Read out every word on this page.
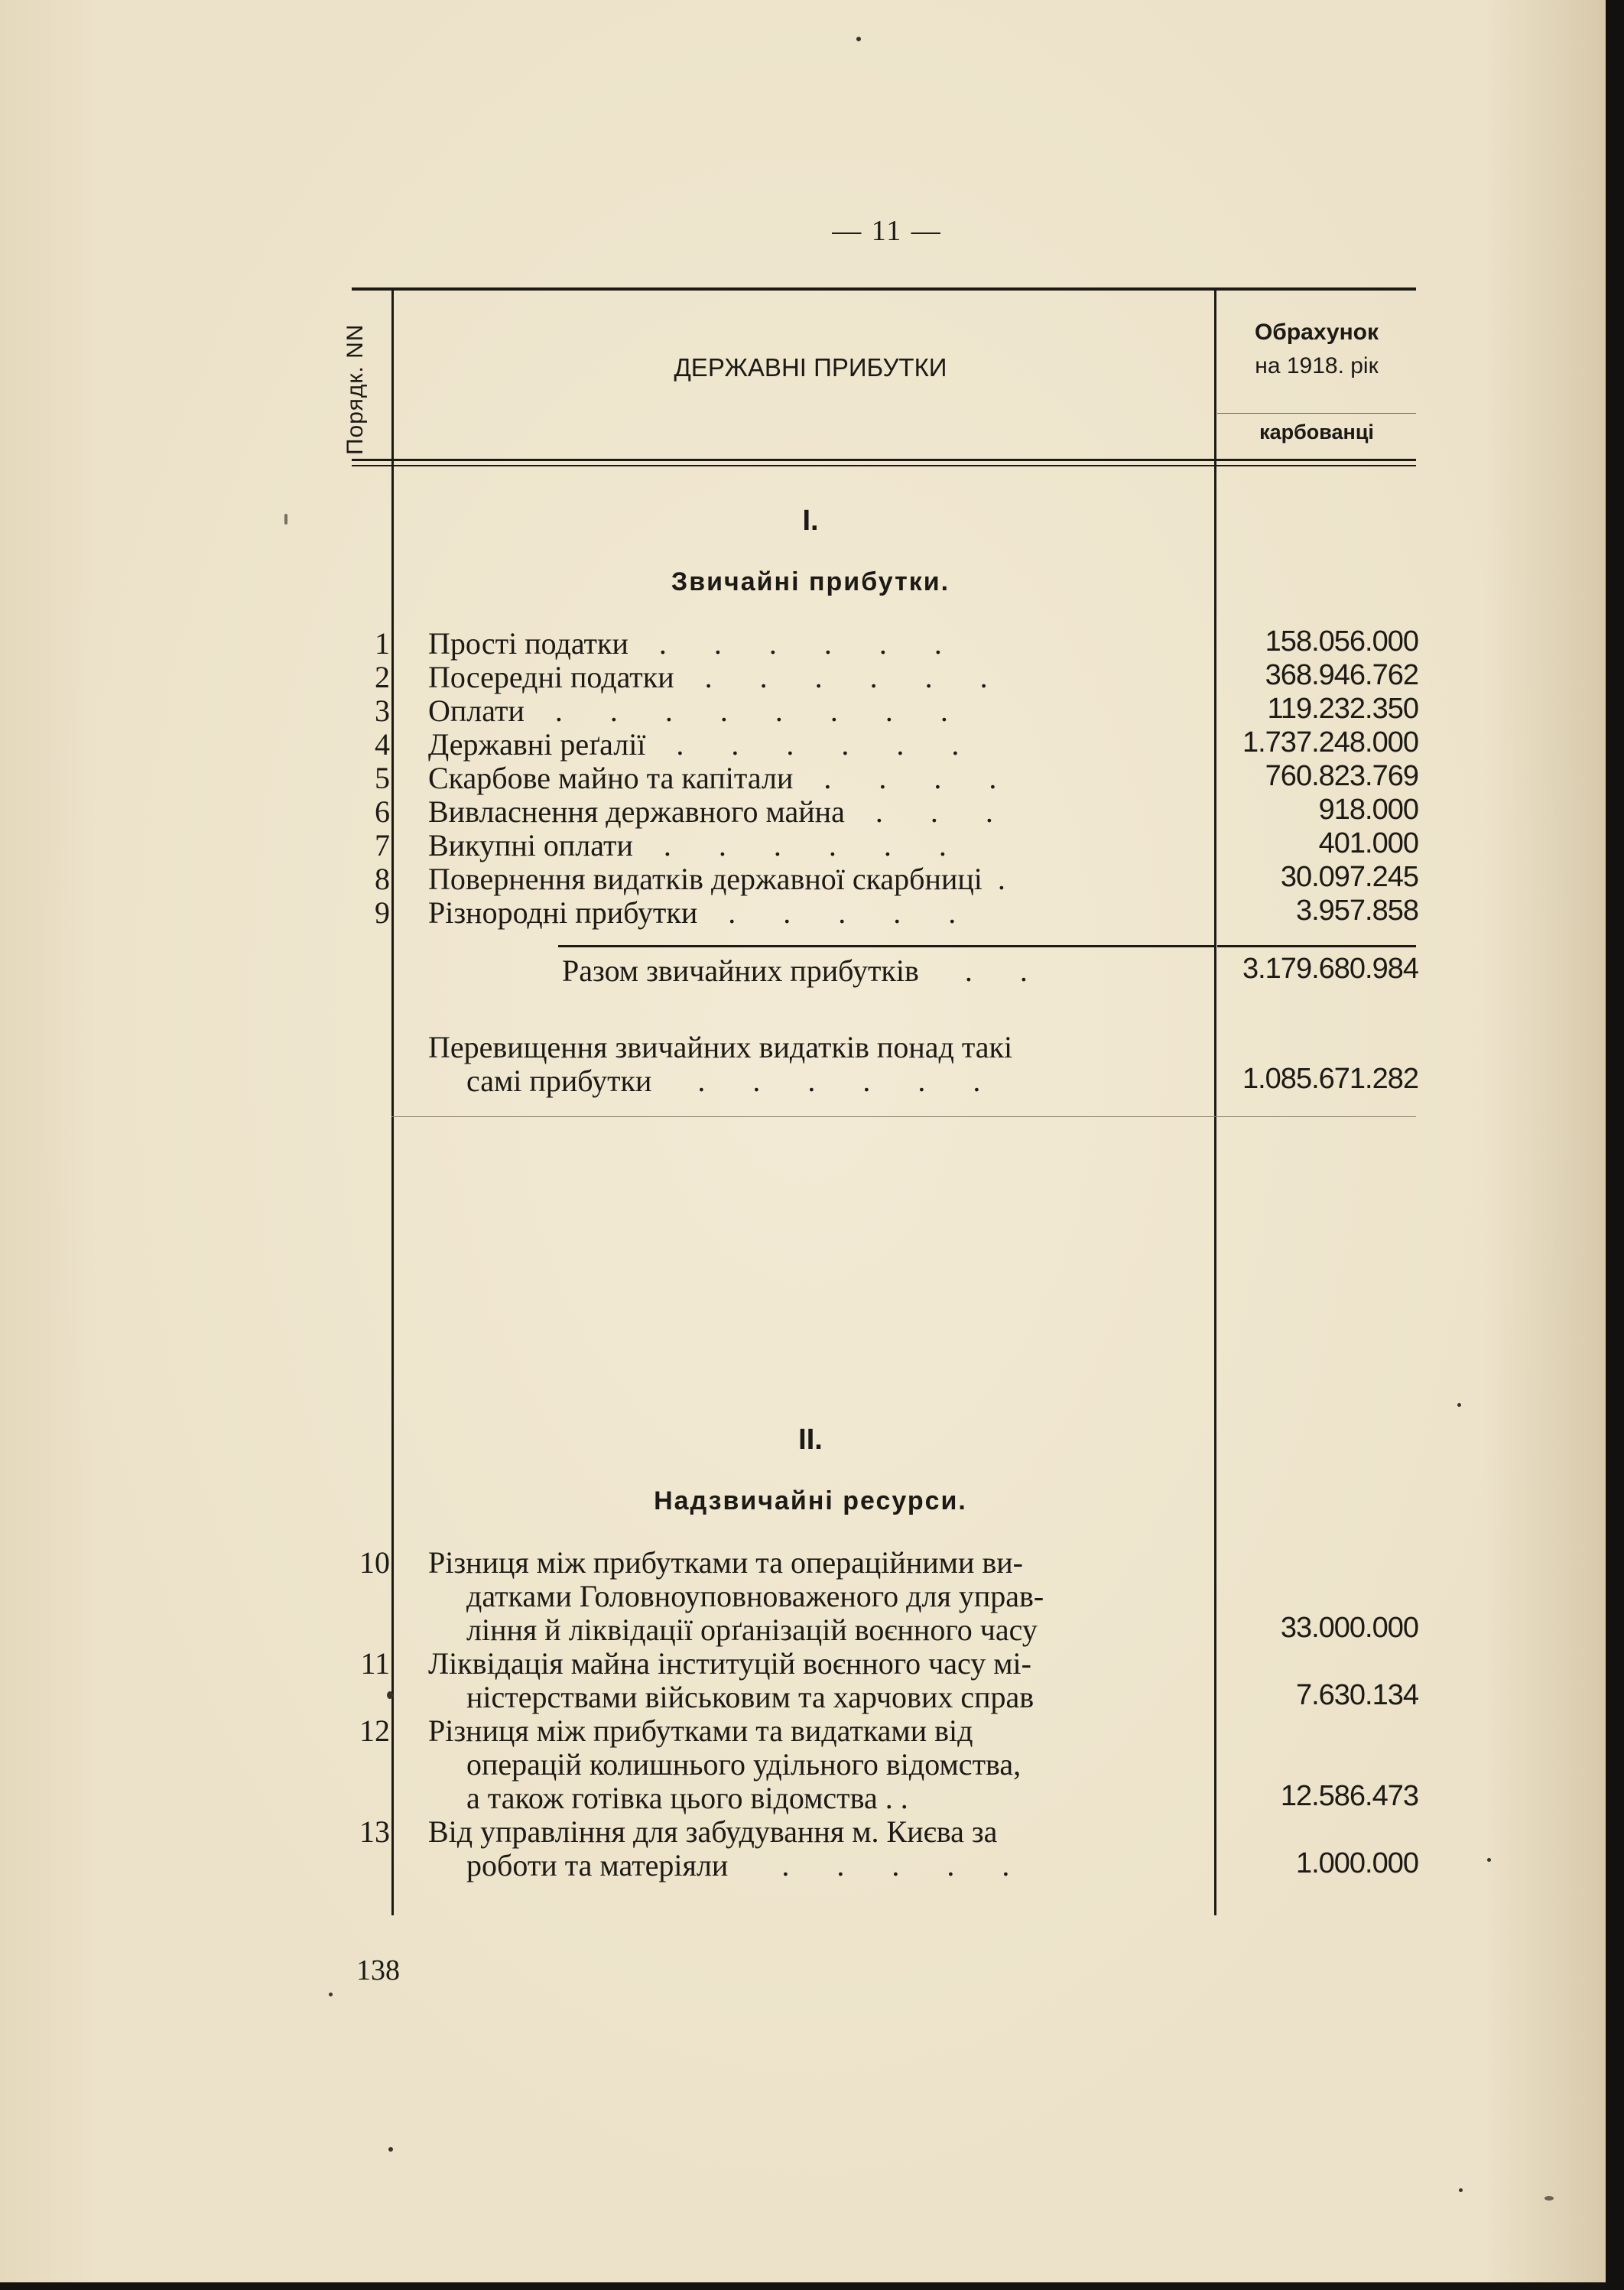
— 11 —
Порядк. NN	ДЕРЖАВНІ ПРИБУТКИ
Обрахунок
на 1918. рік
карбованці
I.
Звичайні прибутки.
1 Прості податки . . . . . .	158.056.000
2 Посередні податки . . . . . .	368.946.762
3 Оплати . . . . . . . .	119.232.350
4 Державні реґалії . . . . . .	1.737.248.000
5 Скарбове майно та капітали . . . .	760.823.769
6 Вивласнення державного майна . . .	918.000
7 Викупні оплати . . . . . .	401.000
8 Повернення видатків державної скарбниці .	30.097.245
9 Різнородні прибутки . . . . .	3.957.858
Разом звичайних прибутків . .	3.179.680.984
Перевищення звичайних видатків понад такі
самі прибутки . . . . . .	1.085.671.282
II.
Надзвичайні ресурси.
10 Різниця між прибутками та операційними ви-
датками Головноуповноваженого для управ-
ління й ліквідації орґанізацій воєнного часу	33.000.000
11 Ліквідація майна інституцій воєнного часу мі-
ністерствами військовим та харчових справ	7.630.134
12 Різниця між прибутками та видатками від
операцій колишнього удільного відомства,
а також готівка цього відомства . .	12.586.473
13 Від управління для забудування м. Києва за
роботи та матеріяли . . . . .	1.000.000
138
